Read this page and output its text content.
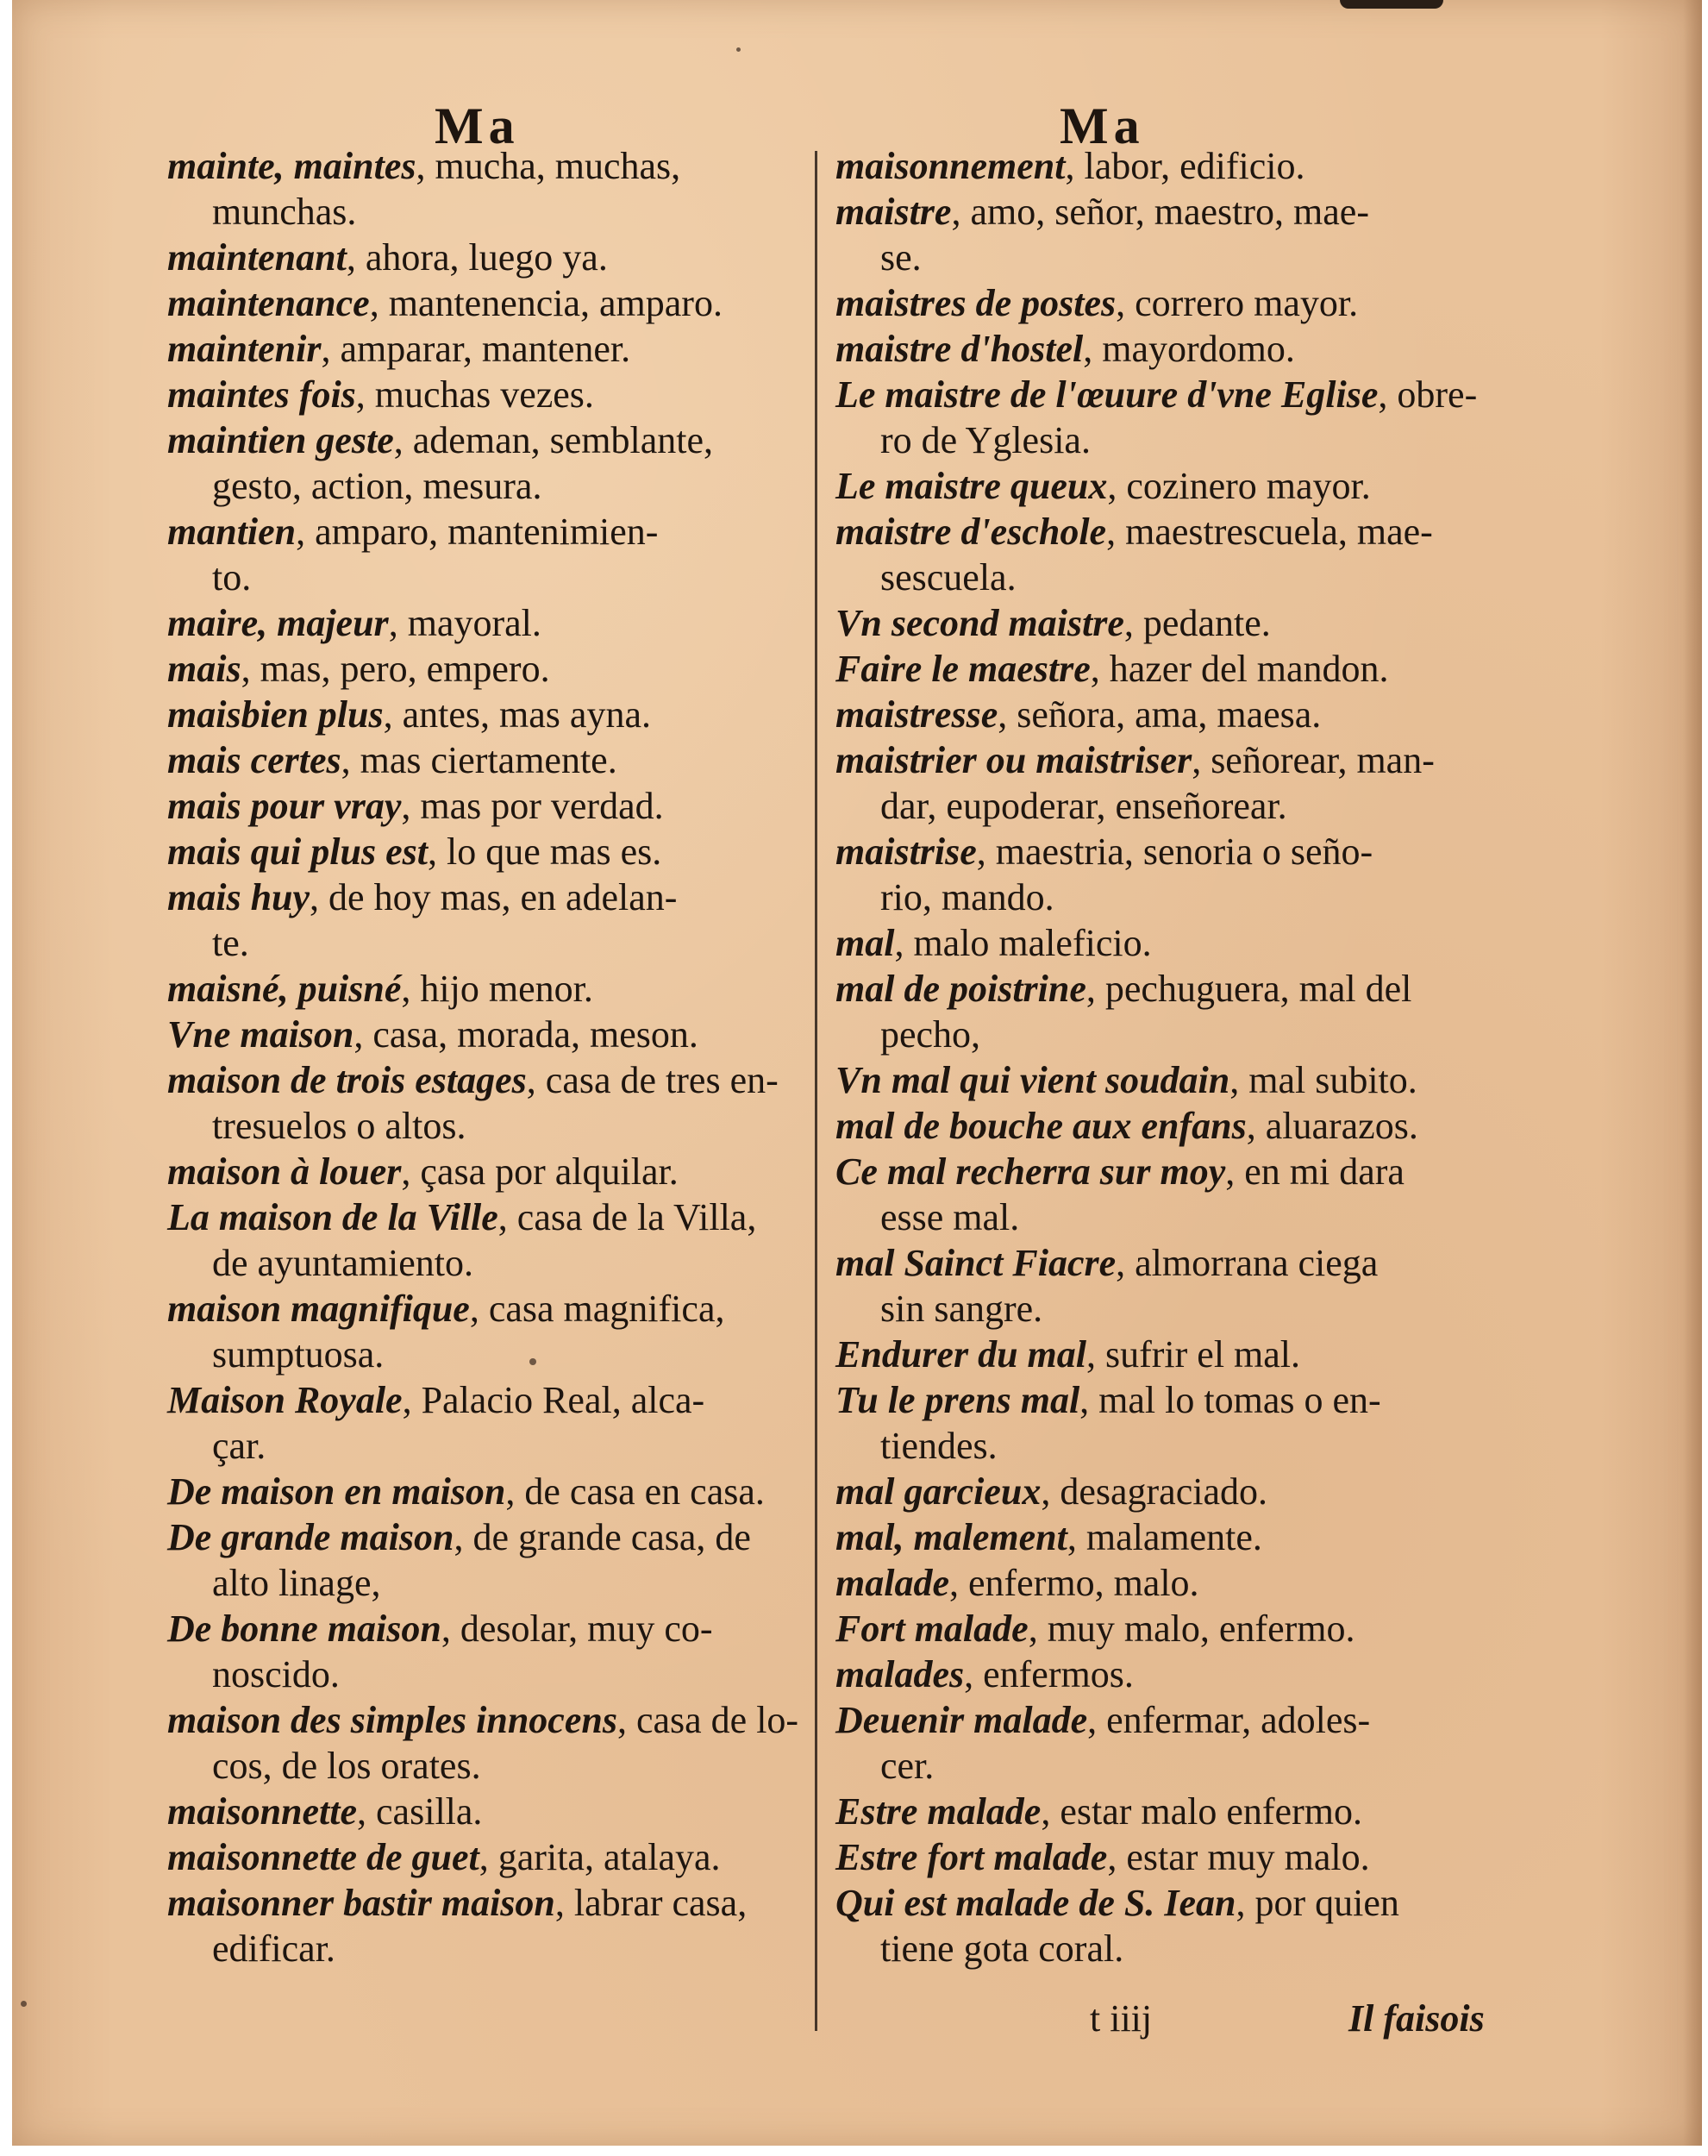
Ma	Ma
mainte, maintes, mucha, muchas,
munchas.
maintenant, ahora, luego ya.
maintenance, mantenencia, amparo.
maintenir, amparar, mantener.
maintes fois, muchas vezes.
maintien geste, ademan, semblante,
gesto, action, mesura.
mantien, amparo, mantenimien-
to.
maire, majeur, mayoral.
mais, mas, pero, empero.
maisbien plus, antes, mas ayna.
mais certes, mas ciertamente.
mais pour vray, mas por verdad.
mais qui plus est, lo que mas es.
mais huy, de hoy mas, en adelan-
te.
maisné, puisné, hijo menor.
Vne maison, casa, morada, meson.
maison de trois estages, casa de tres en-
tresuelos o altos.
maison à louer, çasa por alquilar.
La maison de la Ville, casa de la Villa,
de ayuntamiento.
maison magnifique, casa magnifica,
sumptuosa.
Maison Royale, Palacio Real, alca-
çar.
De maison en maison, de casa en casa.
De grande maison, de grande casa, de
alto linage,
De bonne maison, desolar, muy co-
noscido.
maison des simples innocens, casa de lo-
cos, de los orates.
maisonnette, casilla.
maisonnette de guet, garita, atalaya.
maisonner bastir maison, labrar casa,
edificar.
maisonnement, labor, edificio.
maistre, amo, señor, maestro, mae-
se.
maistres de postes, correro mayor.
maistre d'hostel, mayordomo.
Le maistre de l'œuure d'vne Eglise, obre-
ro de Yglesia.
Le maistre queux, cozinero mayor.
maistre d'eschole, maestrescuela, mae-
sescuela.
Vn second maistre, pedante.
Faire le maestre, hazer del mandon.
maistresse, señora, ama, maesa.
maistrier ou maistriser, señorear, man-
dar, eupoderar, enseñorear.
maistrise, maestria, senoria o seño-
rio, mando.
mal, malo maleficio.
mal de poistrine, pechuguera, mal del
pecho,
Vn mal qui vient soudain, mal subito.
mal de bouche aux enfans, aluarazos.
Ce mal recherra sur moy, en mi dara
esse mal.
mal Sainct Fiacre, almorrana ciega
sin sangre.
Endurer du mal, sufrir el mal.
Tu le prens mal, mal lo tomas o en-
tiendes.
mal garcieux, desagraciado.
mal, malement, malamente.
malade, enfermo, malo.
Fort malade, muy malo, enfermo.
malades, enfermos.
Deuenir malade, enfermar, adoles-
cer.
Estre malade, estar malo enfermo.
Estre fort malade, estar muy malo.
Qui est malade de S. Iean, por quien
tiene gota coral.
t iiij	Il faisois
